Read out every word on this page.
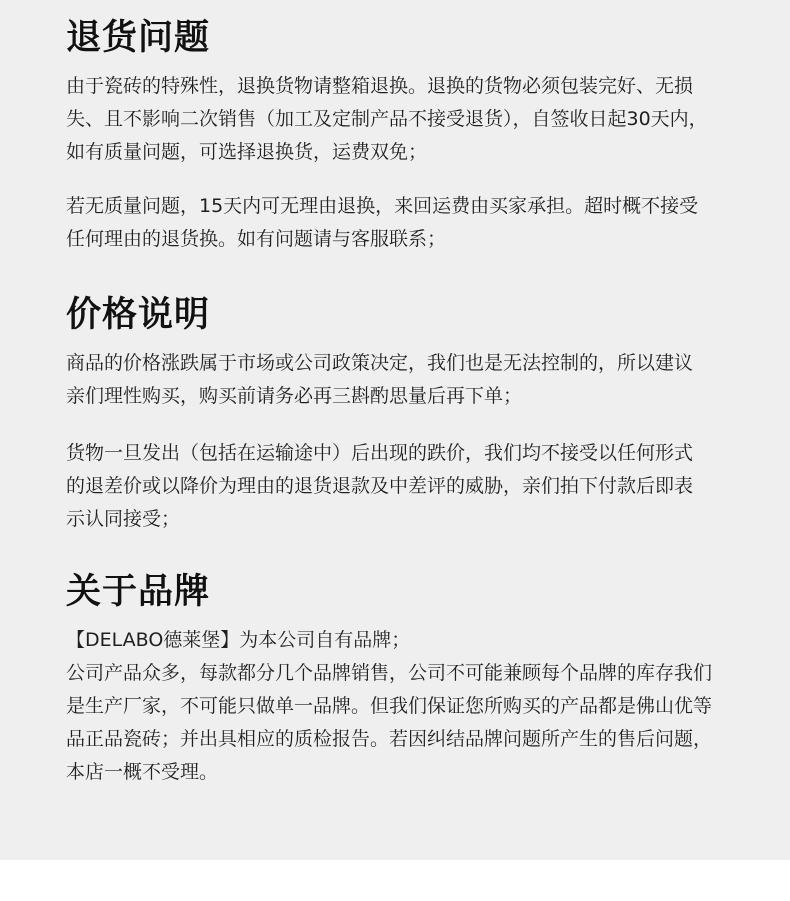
退货问题

由于瓷砖的特殊性，退换货物请整箱退换。退换的货物必须包装完好、无损
失、且不影响二次销售（加工及定制产品不接受退货），自签收日起30天内，
如有质量问题，可选择退换货，运费双免；

若无质量问题，15天内可无理由退换，来回运费由买家承担。超时概不接受
任何理由的退货换。如有问题请与客服联系；

价格说明

商品的价格涨跌属于市场或公司政策决定，我们也是无法控制的，所以建议
亲们理性购买，购买前请务必再三斟酌思量后再下单；

货物一旦发出（包括在运输途中）后出现的跌价，我们均不接受以任何形式
的退差价或以降价为理由的退货退款及中差评的威胁，亲们拍下付款后即表
示认同接受；

关于品牌

【DELABO德莱堡】为本公司自有品牌；
公司产品众多，每款都分几个品牌销售，公司不可能兼顾每个品牌的库存我们
是生产厂家，不可能只做单一品牌。但我们保证您所购买的产品都是佛山优等
品正品瓷砖；并出具相应的质检报告。若因纠结品牌问题所产生的售后问题，
本店一概不受理。
